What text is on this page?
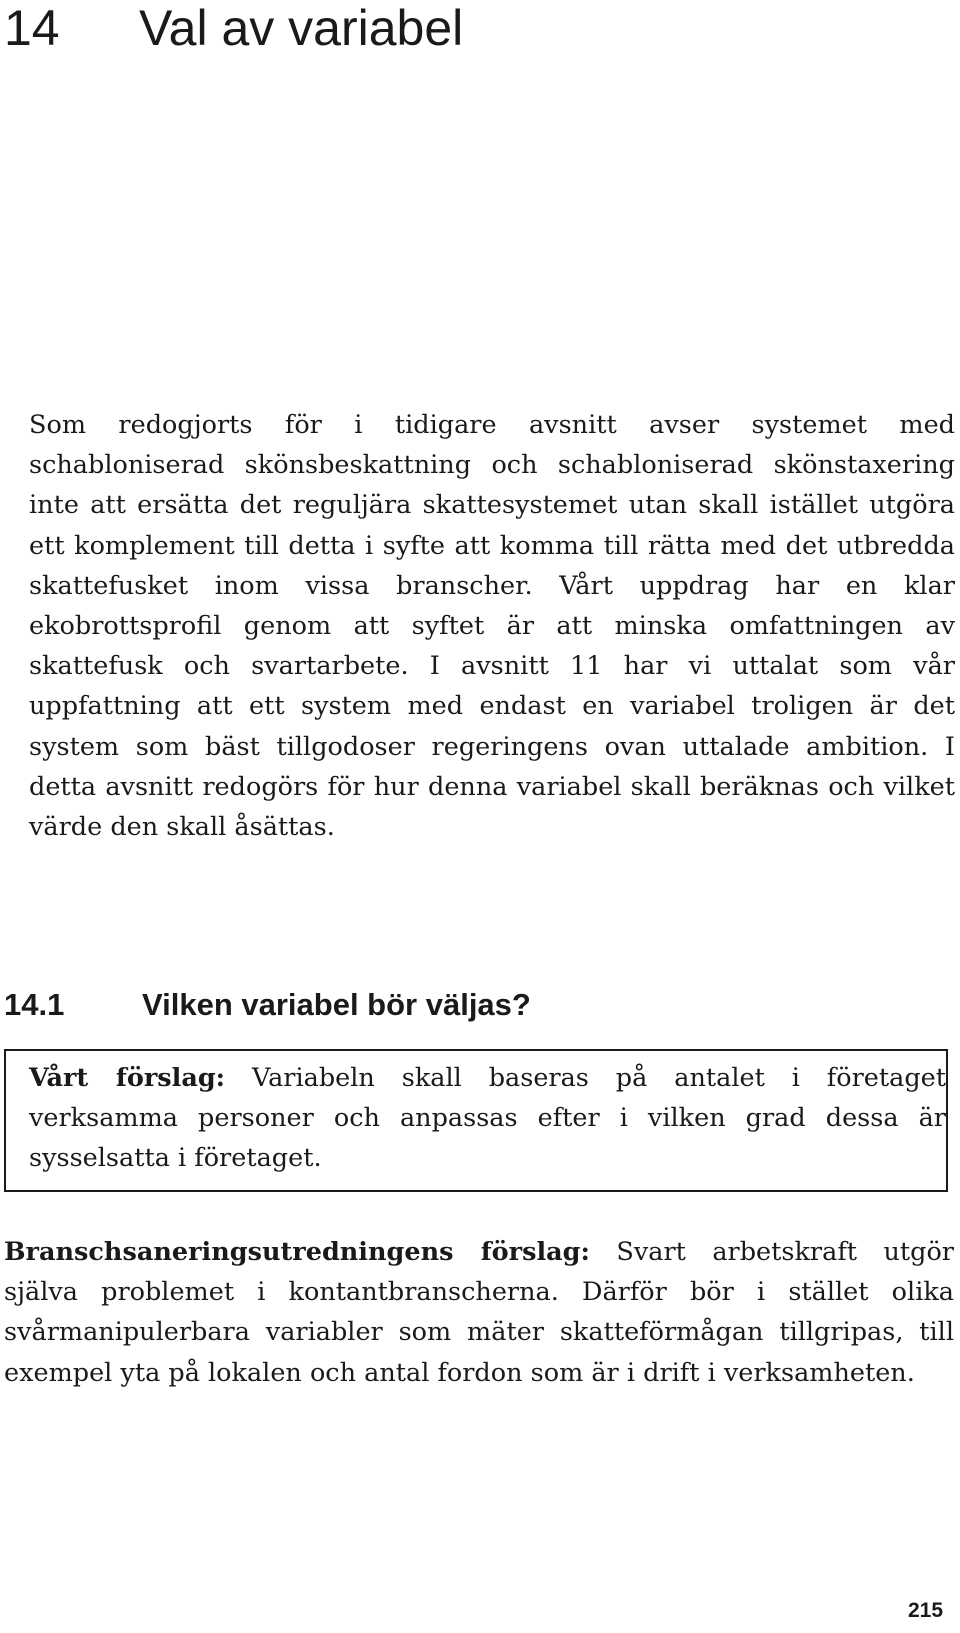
14 Val av variabel

Som redogjorts för i tidigare avsnitt avser systemet med schabloniserad skönsbeskattning och schabloniserad skönstaxering inte att ersätta det reguljära skattesystemet utan skall istället utgöra ett komplement till detta i syfte att komma till rätta med det utbredda skattefusket inom vissa branscher. Vårt uppdrag har en klar ekobrottsprofil genom att syftet är att minska omfattningen av skattefusk och svartarbete. I avsnitt 11 har vi uttalat som vår uppfattning att ett system med endast en variabel troligen är det system som bäst tillgodoser regeringens ovan uttalade ambition. I detta avsnitt redogörs för hur denna variabel skall beräknas och vilket värde den skall åsättas.

14.1	Vilken variabel bör väljas?

Vårt förslag: Variabeln skall baseras på antalet i företaget verksamma personer och anpassas efter i vilken grad dessa är sysselsatta i företaget.

Branschsaneringsutredningens förslag: Svart arbetskraft utgör själva problemet i kontantbranscherna. Därför bör i stället olika svårmanipulerbara variabler som mäter skatteförmågan tillgripas, till exempel yta på lokalen och antal fordon som är i drift i verksamheten.

215
